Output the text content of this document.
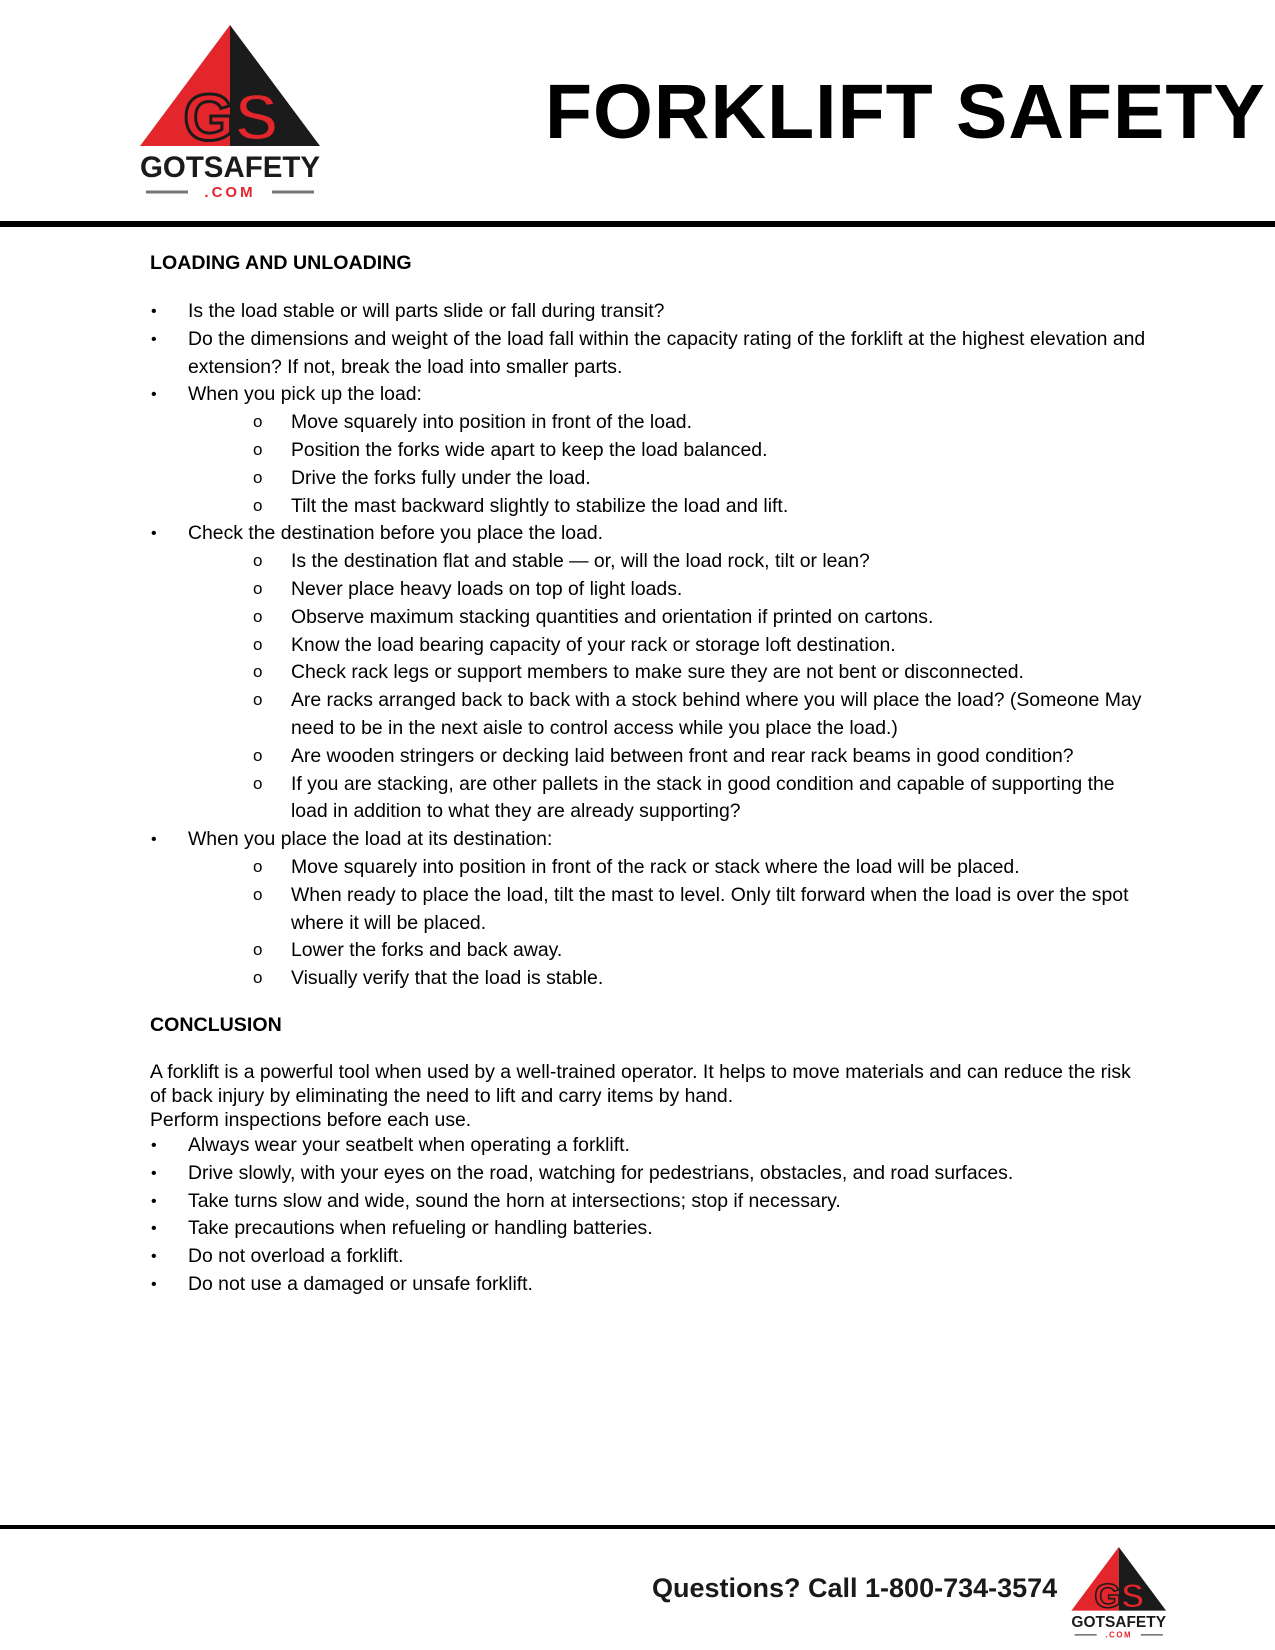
GS
GOTSAFETY
.COM
FORKLIFT SAFETY
LOADING AND UNLOADING
• Is the load stable or will parts slide or fall during transit?
• Do the dimensions and weight of the load fall within the capacity rating of the forklift at the highest elevation and extension? If not, break the load into smaller parts.
• When you pick up the load:
o Move squarely into position in front of the load.
o Position the forks wide apart to keep the load balanced.
o Drive the forks fully under the load.
o Tilt the mast backward slightly to stabilize the load and lift.
• Check the destination before you place the load.
o Is the destination flat and stable — or, will the load rock, tilt or lean?
o Never place heavy loads on top of light loads.
o Observe maximum stacking quantities and orientation if printed on cartons.
o Know the load bearing capacity of your rack or storage loft destination.
o Check rack legs or support members to make sure they are not bent or disconnected.
o Are racks arranged back to back with a stock behind where you will place the load? (Someone May need to be in the next aisle to control access while you place the load.)
o Are wooden stringers or decking laid between front and rear rack beams in good condition?
o If you are stacking, are other pallets in the stack in good condition and capable of supporting the load in addition to what they are already supporting?
• When you place the load at its destination:
o Move squarely into position in front of the rack or stack where the load will be placed.
o When ready to place the load, tilt the mast to level. Only tilt forward when the load is over the spot where it will be placed.
o Lower the forks and back away.
o Visually verify that the load is stable.
CONCLUSION

A forklift is a powerful tool when used by a well-trained operator. It helps to move materials and can reduce the risk of back injury by eliminating the need to lift and carry items by hand.

Perform inspections before each use.

• Always wear your seatbelt when operating a forklift.
• Drive slowly, with your eyes on the road, watching for pedestrians, obstacles, and road surfaces.
• Take turns slow and wide, sound the horn at intersections; stop if necessary.
• Take precautions when refueling or handling batteries.
• Do not overload a forklift.
• Do not use a damaged or unsafe forklift.
Questions? Call 1-800-734-3574 GS
GOTSAFETY
.COM
